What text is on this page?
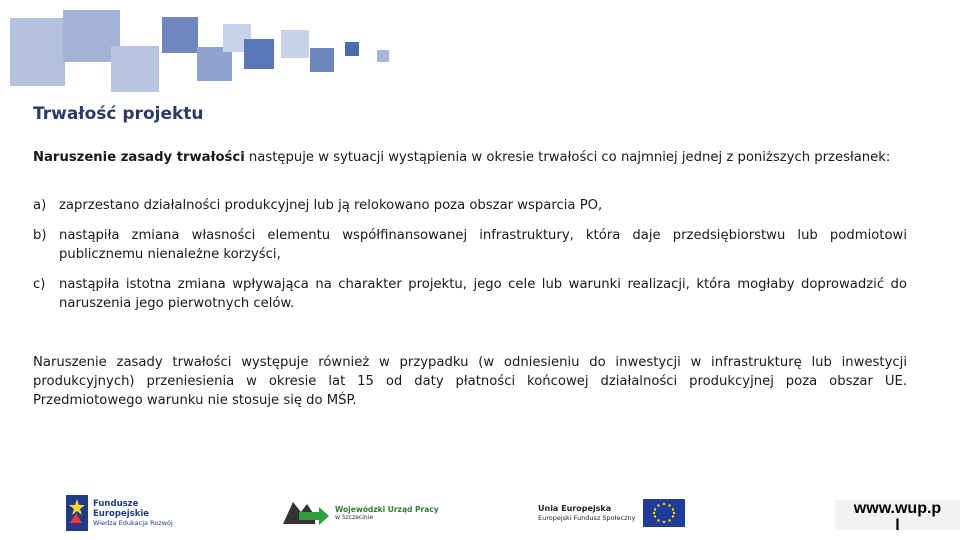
Trwałość projektu
Naruszenie zasady trwałości następuje w sytuacji wystąpienia w okresie trwałości co najmniej jednej z poniższych przesłanek:
a) zaprzestano działalności produkcyjnej lub ją relokowano poza obszar wsparcia PO,
b) nastąpiła zmiana własności elementu współfinansowanej infrastruktury, która daje przedsiębiorstwu lub podmiotowi publicznemu nienależne korzyści,
c)	nastąpiła istotna zmiana wpływająca na charakter projektu, jego cele lub warunki realizacji, która mogłaby doprowadzić do naruszenia jego pierwotnych celów.
Naruszenie zasady trwałości występuje również w przypadku (w odniesieniu do inwestycji w infrastrukturę lub inwestycji produkcyjnych) przeniesienia w okresie lat 15 od daty płatności końcowej działalności produkcyjnej poza obszar UE. Przedmiotowego warunku nie stosuje się do MŚP.
Fundusze
Europejskie
Wiedza Edukacja Rozwój
Wojewódzki Urząd Pracy
w Szczecinie
Unia Europejska
Europejski Fundusz Społeczny
www.wup.p
l
